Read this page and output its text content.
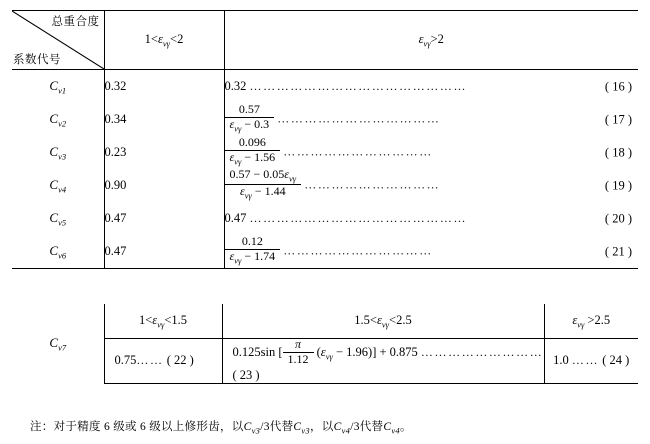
总重合度
系数代号	$1<\varepsilon_{v\gamma}<2$	$\varepsilon_{v\gamma}>2$
$C_{v1}$	0.32	0.32 ………………………………………… ( 16 )

$C_{v2}$	0.34	$\frac{0.57}{\varepsilon_{v\gamma} - 0.3}$ ……………………………… ( 17 )

$C_{v3}$	0.23	$\frac{0.096}{\varepsilon_{v\gamma} - 1.56}$ …………………………… ( 18 )

$C_{v4}$	0.90	$\frac{0.57 - 0.05\varepsilon_{v\gamma}}{\varepsilon_{v\gamma} - 1.44}$ ………………………… ( 19 )

$C_{v5}$	0.47	0.47 ………………………………………… ( 20 )

$C_{v6}$	0.47	$\frac{0.12}{\varepsilon_{v\gamma} - 1.74}$ …………………………… ( 21 )
$C_{v7}$	$1<\varepsilon_{v\gamma}<1.5$	$1.5<\varepsilon_{v\gamma}<2.5$	$\varepsilon_{v\gamma} >2.5$
	0.75…… ( 22 )	0.125sin [ $\frac{\pi}{1.12} (\varepsilon_{v\gamma} - 1.96)] + 0.875$ ……………………… ( 23 )	1.0 …… ( 24 )
注：对于精度 6 级或 6 级以上修形齿，以$C_{v3}/3$代替$C_{v3}$，以$C_{v4}/3$代替$C_{v4}$。
